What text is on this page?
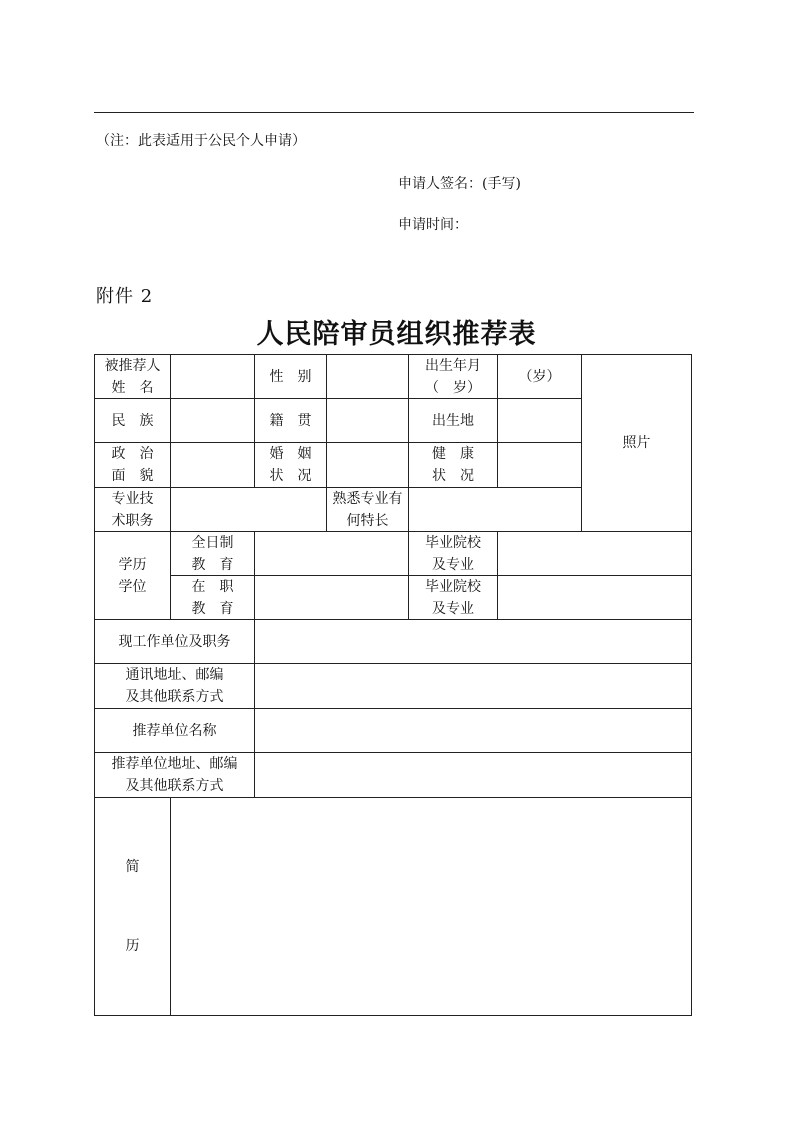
（注：此表适用于公民个人申请）
申请人签名：(手写)
申请时间：
附件 2
人民陪审员组织推荐表
被推荐人
姓　名
性　别
出生年月
（　岁）
（岁）
照片
民　族	籍　贯	出生地
政　治
面　貌
婚　姻
状　况
健　康
状　况
专业技
术职务
熟悉专业有
何特长
学历
学位
全日制
教　育
毕业院校
及专业
在　职
教　育
毕业院校
及专业
现工作单位及职务
通讯地址、邮编
及其他联系方式
推荐单位名称
推荐单位地址、邮编
及其他联系方式
简
历
